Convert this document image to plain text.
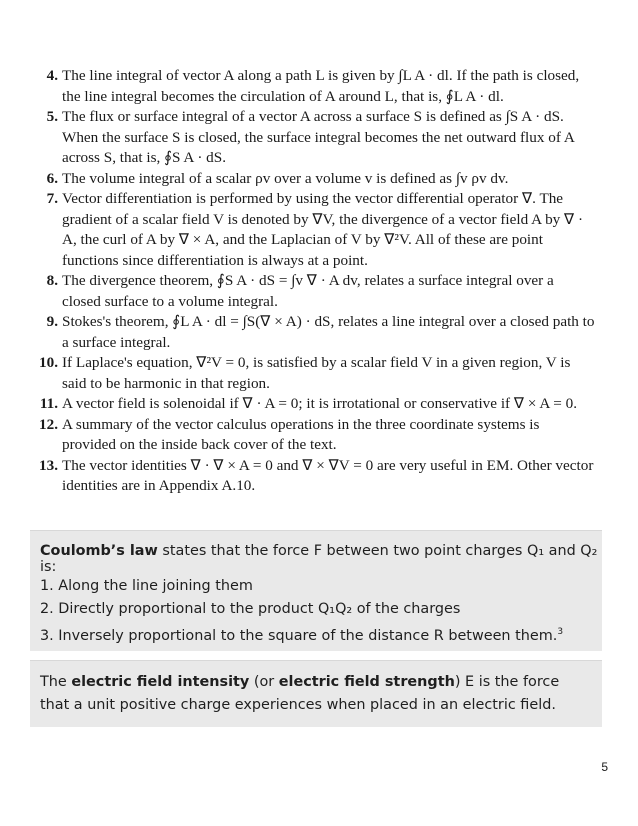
4. The line integral of vector A along a path L is given by ∫L A · dl. If the path is closed, the line integral becomes the circulation of A around L, that is, ∮L A · dl.
5. The flux or surface integral of a vector A across a surface S is defined as ∫S A · dS. When the surface S is closed, the surface integral becomes the net outward flux of A across S, that is, ∮S A · dS.
6. The volume integral of a scalar ρv over a volume v is defined as ∫v ρv dv.
7. Vector differentiation is performed by using the vector differential operator ∇. The gradient of a scalar field V is denoted by ∇V, the divergence of a vector field A by ∇ · A, the curl of A by ∇ × A, and the Laplacian of V by ∇²V. All of these are point functions since differentiation is always at a point.
8. The divergence theorem, ∮S A · dS = ∫v ∇ · A dv, relates a surface integral over a closed surface to a volume integral.
9. Stokes's theorem, ∮L A · dl = ∫S(∇ × A) · dS, relates a line integral over a closed path to a surface integral.
10. If Laplace's equation, ∇²V = 0, is satisfied by a scalar field V in a given region, V is said to be harmonic in that region.
11. A vector field is solenoidal if ∇ · A = 0; it is irrotational or conservative if ∇ × A = 0.
12. A summary of the vector calculus operations in the three coordinate systems is provided on the inside back cover of the text.
13. The vector identities ∇ · ∇ × A = 0 and ∇ × ∇V = 0 are very useful in EM. Other vector identities are in Appendix A.10.
Coulomb’s law states that the force F between two point charges Q₁ and Q₂ is:
1. Along the line joining them
2. Directly proportional to the product Q₁Q₂ of the charges
3. Inversely proportional to the square of the distance R between them.$^3$
The electric field intensity (or electric field strength) E is the force that a unit positive charge experiences when placed in an electric field.
5
